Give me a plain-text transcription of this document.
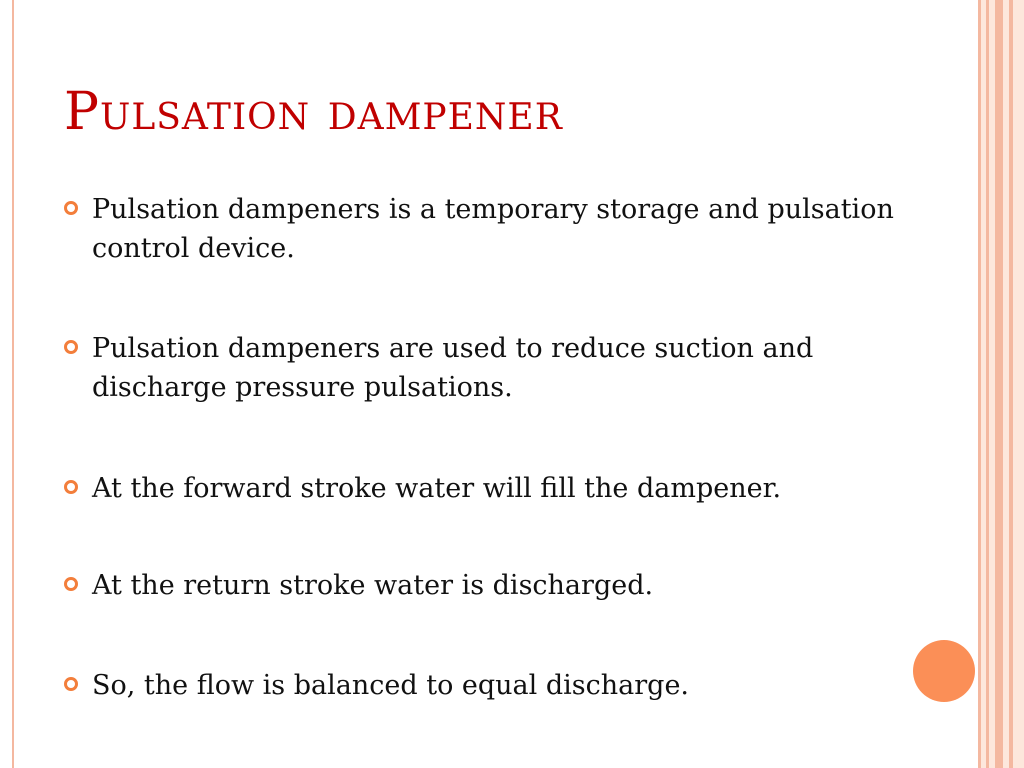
Pulsation dampener
Pulsation dampeners is a temporary storage and pulsation control device.
Pulsation dampeners are used to reduce suction and discharge pressure pulsations.
At the forward stroke water will fill the dampener.
At the return stroke water is discharged.
So, the flow is balanced to equal discharge.
